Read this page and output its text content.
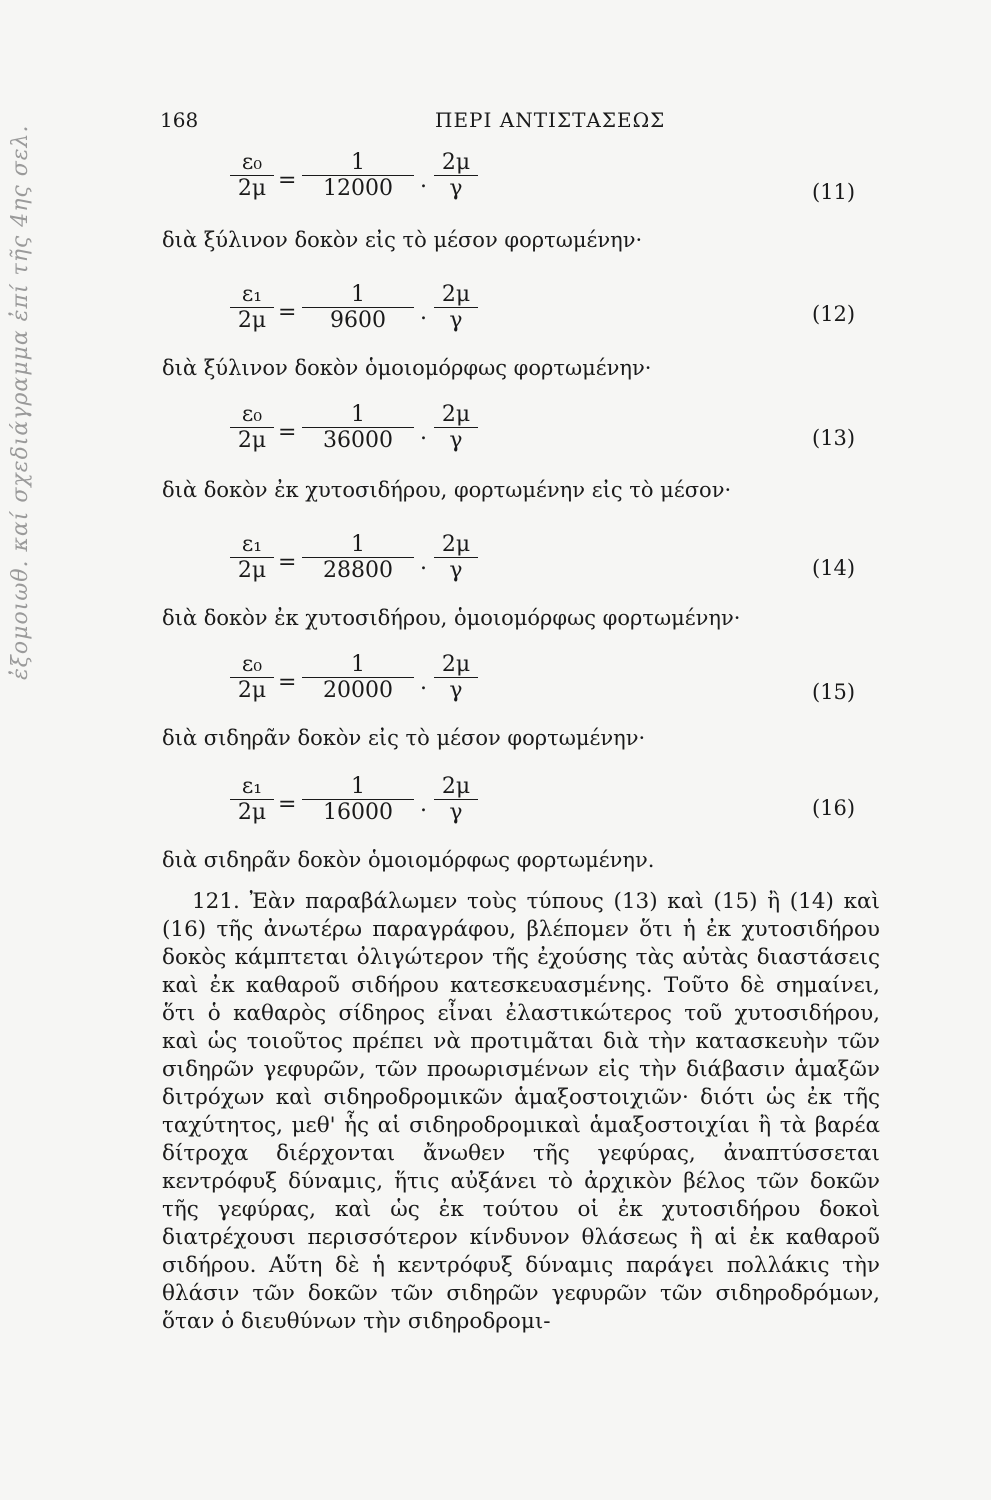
ἐξομοιωθ. καί σχεδιάγραμμα ἐπί τῆς 4ης σελ.
168	ΠΕΡΙ ΑΝΤΙΣΤΑΣΕΩΣ
$\frac{\text{ε₀}}{2\mu} = \frac{1}{12000}$ . $\frac{2\mu}{\gamma}$	(11)
διὰ ξύλινον δοκὸν εἰς τὸ μέσον φορτωμένην·
$\frac{\text{ε₁}}{2\mu} = \frac{1}{9600}$ . $\frac{2\mu}{\gamma}$	(12)
διὰ ξύλινον δοκὸν ὁμοιομόρφως φορτωμένην·
$\frac{\text{ε₀}}{2\mu} = \frac{1}{36000}$ . $\frac{2\mu}{\gamma}$	(13)
διὰ δοκὸν ἐκ χυτοσιδήρου, φορτωμένην εἰς τὸ μέσον·
$\frac{\text{ε₁}}{2\mu} = \frac{1}{28800}$ . $\frac{2\mu}{\gamma}$	(14)
διὰ δοκὸν ἐκ χυτοσιδήρου, ὁμοιομόρφως φορτωμένην·
$\frac{\text{ε₀}}{2\mu} = \frac{1}{20000}$ . $\frac{2\mu}{\gamma}$	(15)
διὰ σιδηρᾶν δοκὸν εἰς τὸ μέσον φορτωμένην·
$\frac{\text{ε₁}}{2\mu} = \frac{1}{16000}$ . $\frac{2\mu}{\gamma}$	(16)
διὰ σιδηρᾶν δοκὸν ὁμοιομόρφως φορτωμένην.

121. Ἐὰν παραβάλωμεν τοὺς τύπους (13) καὶ (15) ἢ (14) καὶ (16) τῆς ἀνωτέρω παραγράφου, βλέπομεν ὅτι ἡ ἐκ χυτοσιδήρου δοκὸς κάμπτεται ὀλιγώτερον τῆς ἐχούσης τὰς αὐτὰς διαστάσεις καὶ ἐκ καθαροῦ σιδήρου κατεσκευασμένης. Τοῦτο δὲ σημαίνει, ὅτι ὁ καθαρὸς σίδηρος εἶναι ἐλαστικώτερος τοῦ χυτοσιδήρου, καὶ ὡς τοιοῦτος πρέπει νὰ προτιμᾶται διὰ τὴν κατασκευὴν τῶν σιδηρῶν γεφυρῶν, τῶν προωρισμένων εἰς τὴν διάβασιν ἁμαξῶν διτρόχων καὶ σιδηροδρομικῶν ἁμαξοστοιχιῶν· διότι ὡς ἐκ τῆς ταχύτητος, μεθ' ἧς αἱ σιδηροδρομικαὶ ἁμαξοστοιχίαι ἢ τὰ βαρέα δίτροχα διέρχονται ἄνωθεν τῆς γεφύρας, ἀναπτύσσεται κεντρόφυξ δύναμις, ἥτις αὐξάνει τὸ ἀρχικὸν βέλος τῶν δοκῶν τῆς γεφύρας, καὶ ὡς ἐκ τούτου οἱ ἐκ χυτοσιδήρου δοκοὶ διατρέχουσι περισσότερον κίνδυνον θλάσεως ἢ αἱ ἐκ καθαροῦ σιδήρου. Αὕτη δὲ ἡ κεντρόφυξ δύναμις παράγει πολλάκις τὴν θλάσιν τῶν δοκῶν τῶν σιδηρῶν γεφυρῶν τῶν σιδηροδρόμων, ὅταν ὁ διευθύνων τὴν σιδηροδρομι-
